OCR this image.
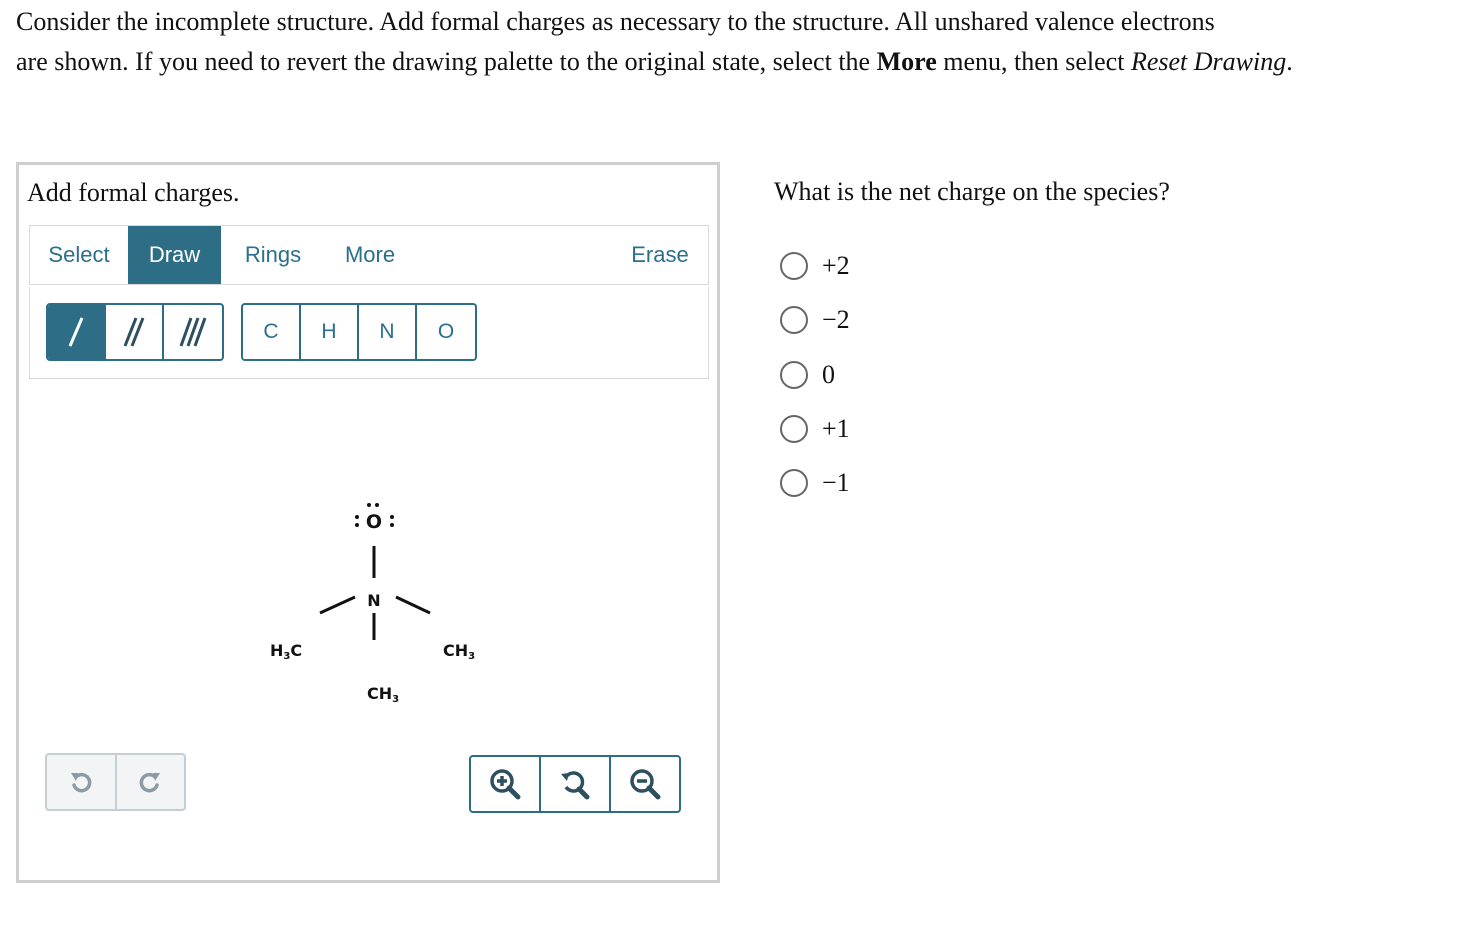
Consider the incomplete structure. Add formal charges as necessary to the structure. All unshared valence electrons
are shown. If you need to revert the drawing palette to the original state, select the More menu, then select Reset Drawing.
Add formal charges.
Select	Draw	Rings	More	Erase
C	H	N	O
O
N
H3C	CH3
CH3
What is the net charge on the species?
+2
−2
0
+1
−1
